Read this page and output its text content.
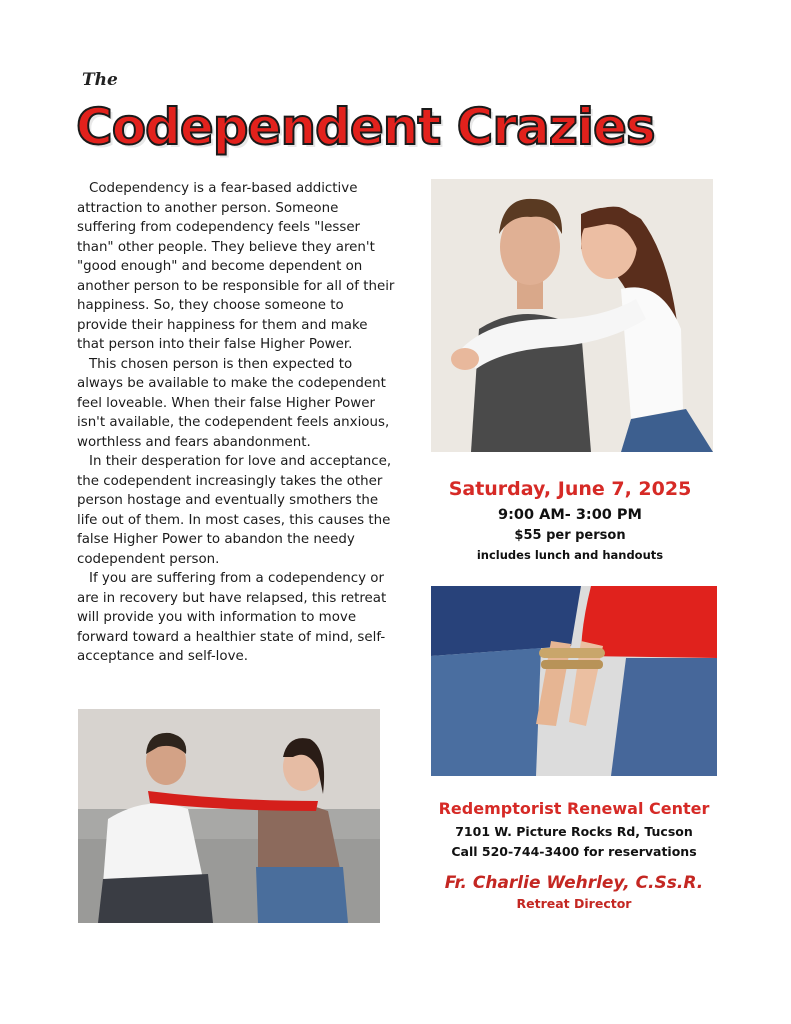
The
Codependent Crazies

Codependency is a fear-based addictive attraction to another person. Someone suffering from codependency feels "lesser than" other people. They believe they aren't "good enough" and become dependent on another person to be responsible for all of their happiness. So, they choose someone to provide their happiness for them and make that person into their false Higher Power.

This chosen person is then expected to always be available to make the codependent feel loveable. When their false Higher Power isn't available, the codependent feels anxious, worthless and fears abandonment.

In their desperation for love and acceptance, the codependent increasingly takes the other person hostage and eventually smothers the life out of them. In most cases, this causes the false Higher Power to abandon the needy codependent person.

If you are suffering from a codependency or are in recovery but have relapsed, this retreat will provide you with information to move forward toward a healthier state of mind, self-acceptance and self-love.

Saturday, June 7, 2025
9:00 AM- 3:00 PM
$55 per person
includes lunch and handouts
Redemptorist Renewal Center
7101 W. Picture Rocks Rd, Tucson
Call 520-744-3400 for reservations
Fr. Charlie Wehrley, C.Ss.R.
Retreat Director
